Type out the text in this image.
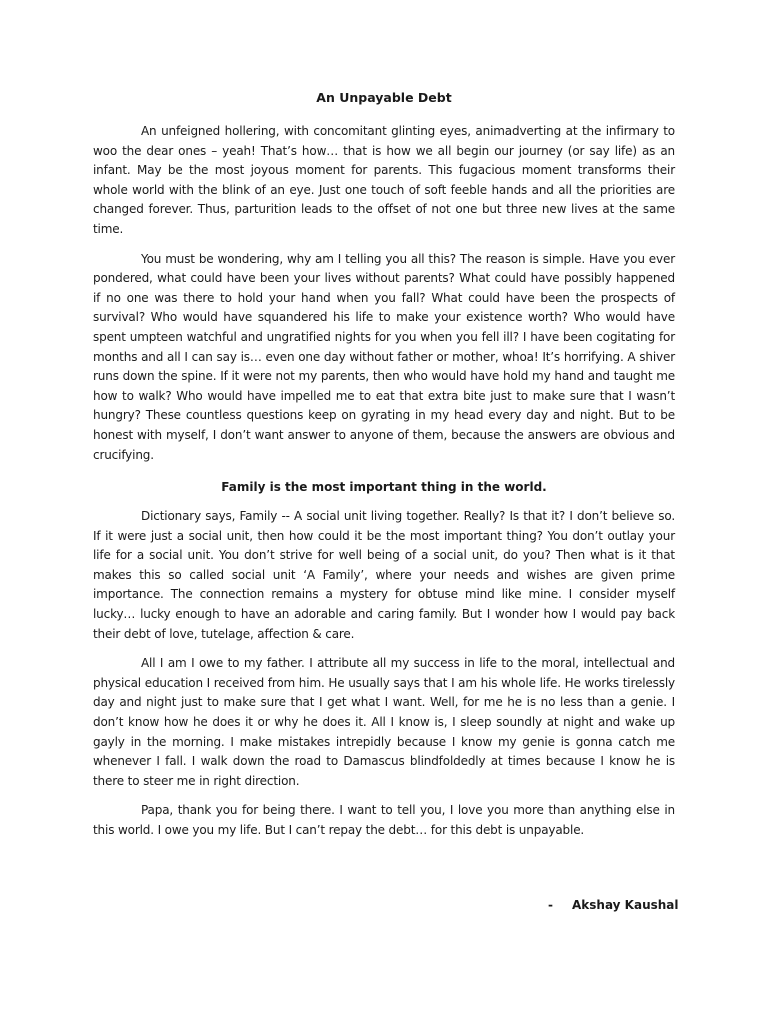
An Unpayable Debt

An unfeigned hollering, with concomitant glinting eyes, animadverting at the infirmary to woo the dear ones – yeah! That’s how… that is how we all begin our journey (or say life) as an infant. May be the most joyous moment for parents. This fugacious moment transforms their whole world with the blink of an eye. Just one touch of soft feeble hands and all the priorities are changed forever. Thus, parturition leads to the offset of not one but three new lives at the same time.

You must be wondering, why am I telling you all this? The reason is simple. Have you ever pondered, what could have been your lives without parents? What could have possibly happened if no one was there to hold your hand when you fall? What could have been the prospects of survival? Who would have squandered his life to make your existence worth? Who would have spent umpteen watchful and ungratified nights for you when you fell ill? I have been cogitating for months and all I can say is… even one day without father or mother, whoa! It’s horrifying. A shiver runs down the spine. If it were not my parents, then who would have hold my hand and taught me how to walk? Who would have impelled me to eat that extra bite just to make sure that I wasn’t hungry? These countless questions keep on gyrating in my head every day and night. But to be honest with myself, I don’t want answer to anyone of them, because the answers are obvious and crucifying.

Family is the most important thing in the world.

Dictionary says, Family -- A social unit living together. Really? Is that it? I don’t believe so. If it were just a social unit, then how could it be the most important thing? You don’t outlay your life for a social unit. You don’t strive for well being of a social unit, do you? Then what is it that makes this so called social unit ‘A Family’, where your needs and wishes are given prime importance. The connection remains a mystery for obtuse mind like mine. I consider myself lucky… lucky enough to have an adorable and caring family. But I wonder how I would pay back their debt of love, tutelage, affection & care.

All I am I owe to my father. I attribute all my success in life to the moral, intellectual and physical education I received from him. He usually says that I am his whole life. He works tirelessly day and night just to make sure that I get what I want. Well, for me he is no less than a genie. I don’t know how he does it or why he does it. All I know is, I sleep soundly at night and wake up gayly in the morning. I make mistakes intrepidly because I know my genie is gonna catch me whenever I fall. I walk down the road to Damascus blindfoldedly at times because I know he is there to steer me in right direction.

Papa, thank you for being there. I want to tell you, I love you more than anything else in this world. I owe you my life. But I can’t repay the debt… for this debt is unpayable.

- Akshay Kaushal
